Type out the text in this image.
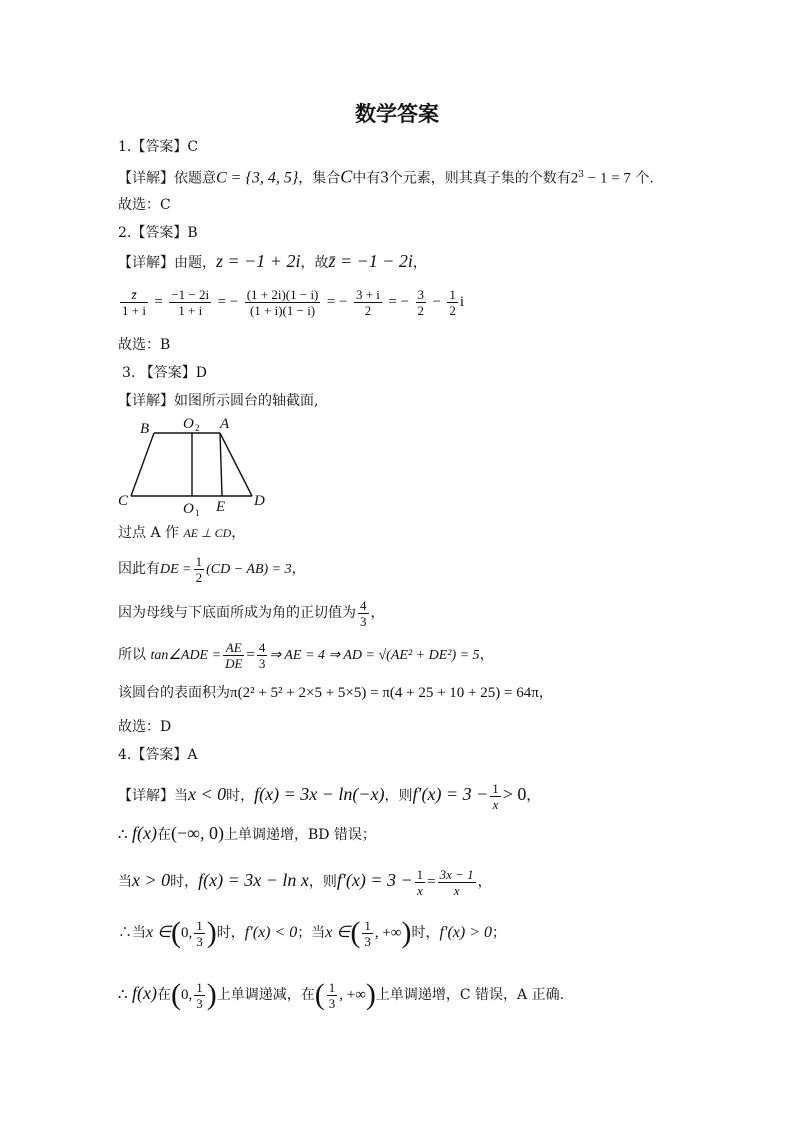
数学答案
1.【答案】C
【详解】依题意C = {3, 4, 5}，集合C中有3个元素，则其真子集的个数有$2^3 - 1 = 7$ 个.
故选：C
2.【答案】B
【详解】由题，z = −1 + 2i，故z̄ = −1 − 2i，
$\frac{z̄}{1 + i} = \frac{-1 - 2i}{1 + i}$ = − $\frac{(1 + 2i)(1 - i)}{(1 + i)(1 - i)}$ = − $\frac{3 + i}{2}$ = − $\frac{3}{2} - \frac{1}{2}$ i
故选：B
3. 【答案】D
【详解】如图所示圆台的轴截面,
B O 2 A
C	O 1 E D
过点 A 作 AE ⊥ CD，
因此有DE = $\frac{1}{2} (CD - AB) = 3$，
因为母线与下底面所成为角的正切值为 $\frac{4}{3}$ ，
所以 tan∠ADE = $\frac{AE}{DE} = \frac{4}{3}$ ⇒ AE = 4 ⇒ AD = √(AE² + DE²) = 5，
该圆台的表面积为π(2² + 5² + 2×5 + 5×5) = π(4 + 25 + 10 + 25) = 64π，
故选：D
4.【答案】A
【详解】当x < 0时，f(x) = 3x − ln(−x)，则$f'(x) = 3 - \frac{1}{x} > 0$，
∴ f(x)在(−∞, 0)上单调递增，BD 错误；
当x > 0时，f(x) = 3x − ln x，则$f'(x) = 3 - \frac{1}{x} = \frac{3x - 1}{x}$ ，
∴当x ∈(0, $\frac{1}{3}$ )时，f′(x) < 0；当x ∈( $\frac{1}{3}$ , +∞)时，f′(x) > 0；
∴ f(x)在(0, $\frac{1}{3}$ )上单调递减，在( $\frac{1}{3}$ , +∞)上单调递增，C 错误，A 正确.
